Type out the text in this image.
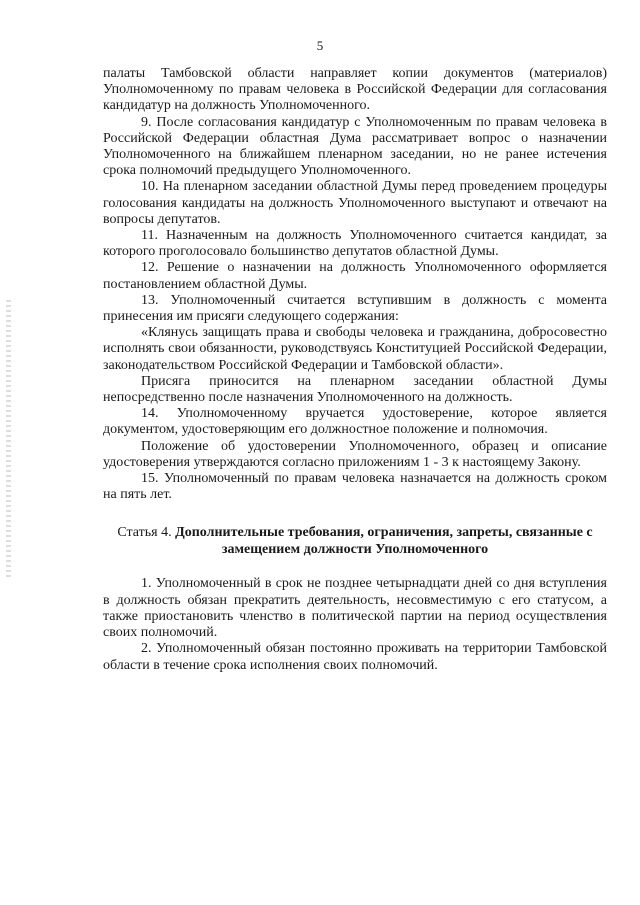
5

палаты Тамбовской области направляет копии документов (материалов) Уполномоченному по правам человека в Российской Федерации для согласования кандидатур на должность Уполномоченного.

9. После согласования кандидатур с Уполномоченным по правам человека в Российской Федерации областная Дума рассматривает вопрос о назначении Уполномоченного на ближайшем пленарном заседании, но не ранее истечения срока полномочий предыдущего Уполномоченного.

10. На пленарном заседании областной Думы перед проведением процедуры голосования кандидаты на должность Уполномоченного выступают и отвечают на вопросы депутатов.

11. Назначенным на должность Уполномоченного считается кандидат, за которого проголосовало большинство депутатов областной Думы.

12. Решение о назначении на должность Уполномоченного оформляется постановлением областной Думы.

13. Уполномоченный считается вступившим в должность с момента принесения им присяги следующего содержания:

«Клянусь защищать права и свободы человека и гражданина, добросовестно исполнять свои обязанности, руководствуясь Конституцией Российской Федерации, законодательством Российской Федерации и Тамбовской области».

Присяга приносится на пленарном заседании областной Думы непосредственно после назначения Уполномоченного на должность.

14. Уполномоченному вручается удостоверение, которое является документом, удостоверяющим его должностное положение и полномочия.

Положение об удостоверении Уполномоченного, образец и описание удостоверения утверждаются согласно приложениям 1 - 3 к настоящему Закону.

15. Уполномоченный по правам человека назначается на должность сроком на пять лет.

Статья 4. Дополнительные требования, ограничения, запреты, связанные с замещением должности Уполномоченного

1. Уполномоченный в срок не позднее четырнадцати дней со дня вступления в должность обязан прекратить деятельность, несовместимую с его статусом, а также приостановить членство в политической партии на период осуществления своих полномочий.

2. Уполномоченный обязан постоянно проживать на территории Тамбовской области в течение срока исполнения своих полномочий.
